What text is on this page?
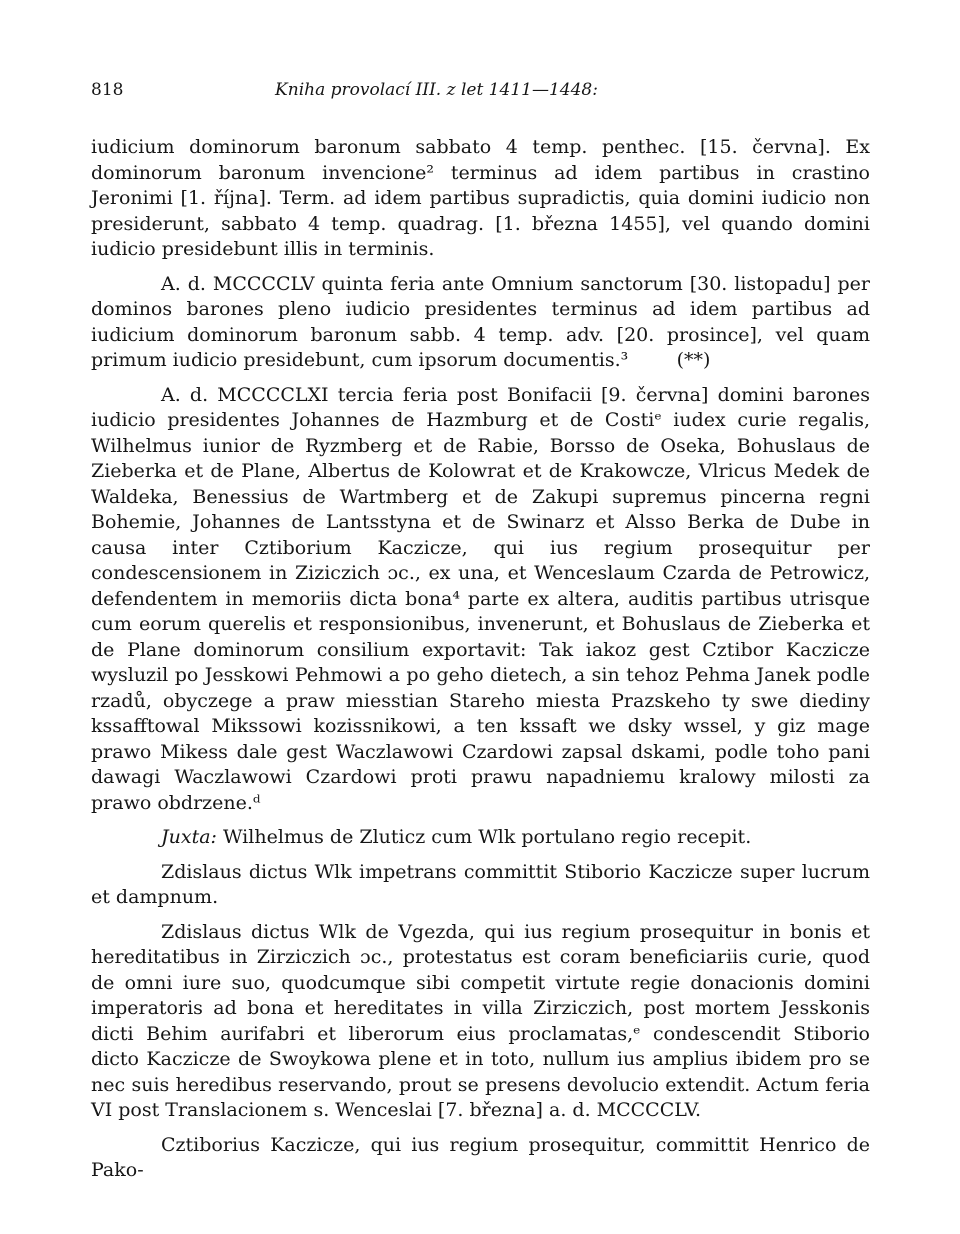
818	Kniha provolací III. z let 1411—1448:

iudicium dominorum baronum sabbato 4 temp. penthec. [15. června]. Ex dominorum baronum invencione² terminus ad idem partibus in crastino Jeronimi [1. října]. Term. ad idem partibus supradictis, quia domini iudicio non presiderunt, sabbato 4 temp. quadrag. [1. března 1455], vel quando domini iudicio presidebunt illis in terminis.

A. d. MCCCCLV quinta feria ante Omnium sanctorum [30. listopadu] per dominos barones pleno iudicio presidentes terminus ad idem partibus ad iudicium dominorum baronum sabb. 4 temp. adv. [20. prosince], vel quam primum iudicio presidebunt, cum ipsorum documentis.³	(**)

A. d. MCCCCLXI tercia feria post Bonifacii [9. června] domini barones iudicio presidentes Johannes de Hazmburg et de Costiᵉ iudex curie regalis, Wilhelmus iunior de Ryzmberg et de Rabie, Borsso de Oseka, Bohuslaus de Zieberka et de Plane, Albertus de Kolowrat et de Krakowcze, Vlricus Medek de Waldeka, Benessius de Wartmberg et de Zakupi supremus pincerna regni Bohemie, Johannes de Lantsstyna et de Swinarz et Alsso Berka de Dube in causa inter Cztiborium Kaczicze, qui ius regium prosequitur per condescensionem in Ziziczich ɔc., ex una, et Wenceslaum Czarda de Petrowicz, defendentem in memoriis dicta bona⁴ parte ex altera, auditis partibus utrisque cum eorum querelis et responsionibus, invenerunt, et Bohuslaus de Zieberka et de Plane dominorum consilium exportavit: Tak iakoz gest Cztibor Kaczicze wysluzil po Jesskowi Pehmowi a po geho dietech, a sin tehoz Pehma Janek podle rzadů, obyczege a praw miesstian Stareho miesta Prazskeho ty swe diediny kssafftowal Mikssowi kozissnikowi, a ten kssaft we dsky wssel, y giz mage prawo Mikess dale gest Waczlawowi Czardowi zapsal dskami, podle toho pani dawagi Waczlawowi Czardowi proti prawu napadniemu kralowy milosti za prawo obdrzene.ᵈ

Juxta: Wilhelmus de Zluticz cum Wlk portulano regio recepit.

Zdislaus dictus Wlk impetrans committit Stiborio Kaczicze super lucrum et dampnum.

Zdislaus dictus Wlk de Vgezda, qui ius regium prosequitur in bonis et hereditatibus in Zirziczich ɔc., protestatus est coram beneficiariis curie, quod de omni iure suo, quodcumque sibi competit virtute regie donacionis domini imperatoris ad bona et hereditates in villa Zirziczich, post mortem Jesskonis dicti Behim aurifabri et liberorum eius proclamatas,ᵉ condescendit Stiborio dicto Kaczicze de Swoykowa plene et in toto, nullum ius amplius ibidem pro se nec suis heredibus reservando, prout se presens devolucio extendit. Actum feria VI post Translacionem s. Wenceslai [7. března] a. d. MCCCCLV.

Cztiborius Kaczicze, qui ius regium prosequitur, committit Henrico de Pako-
